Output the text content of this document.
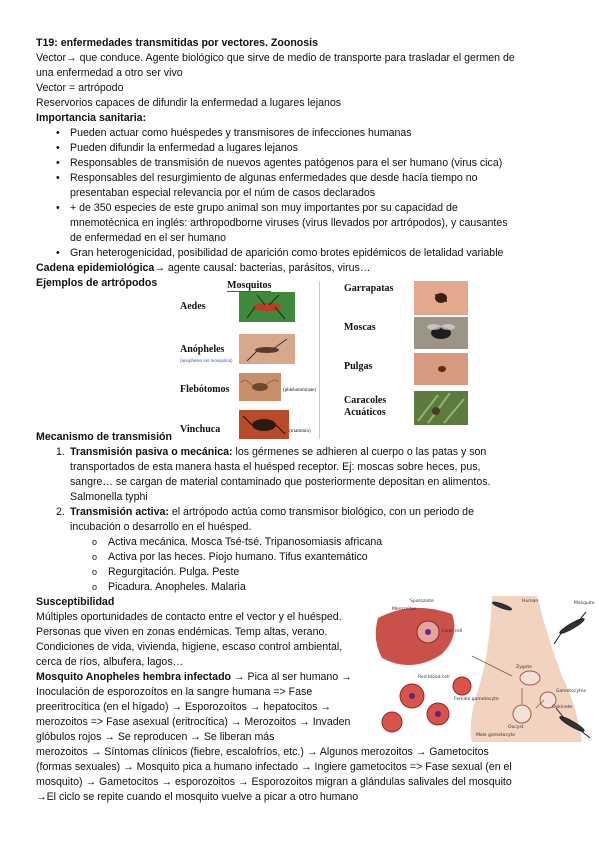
T19: enfermedades transmitidas por vectores. Zoonosis
Vector→ que conduce. Agente biológico que sirve de medio de transporte para trasladar el germen de
una enfermedad a otro ser vivo
Vector = artrópodo
Reservorios capaces de difundir la enfermedad a lugares lejanos
Importancia sanitaria:
• Pueden actuar como huéspedes y transmisores de infecciones humanas
• Pueden difundir la enfermedad a lugares lejanos
• Responsables de transmisión de nuevos agentes patógenos para el ser humano (virus cica)
• Responsables del resurgimiento de algunas enfermedades que desde hacía tiempo no
presentaban especial relevancia por el núm de casos declarados
• + de 350 especies de este grupo animal son muy importantes por su capacidad de
mnemotécnica en inglés: arthropodborne viruses (virus llevados por artrópodos), y causantes
de enfermedad en el ser humano
• Gran heterogenicidad, posibilidad de aparición como brotes epidémicos de letalidad variable
Cadena epidemiológica→ agente causal: bacterias, parásitos, virus…
Ejemplos de artrópodos
Mecanismo de transmisión
1. Transmisión pasiva o mecánica: los gérmenes se adhieren al cuerpo o las patas y son
transportados de esta manera hasta el huésped receptor. Ej: moscas sobre heces, pus,
sangre… se cargan de material contaminado que posteriormente depositan en alimentos.
Salmonella typhi
2. Transmisión activa: el artrópodo actúa como transmisor biológico, con un periodo de
incubación o desarrollo en el huésped.
o Activa mecánica. Mosca Tsé-tsé. Tripanosomiasis africana
o Activa por las heces. Piojo humano. Tifus exantemático
o Regurgitación. Pulga. Peste
o Picadura. Anopheles. Malaria
Susceptibilidad
Múltiples oportunidades de contacto entre el vector y el huésped.
Personas que viven en zonas endémicas. Temp altas, verano.
Condiciones de vida, vivienda, higiene, escaso control ambiental,
cerca de ríos, albufera, lagos…
Mosquito Anopheles hembra infectado → Pica al ser humano →
Inoculación de esporozoítos en la sangre humana => Fase
preeritrocítica (en el hígado) → Esporozoítos → hepatocitos →
merozoitos => Fase asexual (eritrocítica) → Merozoitos → Invaden
glóbulos rojos → Se reproducen → Se liberan más
merozoitos → Síntomas clínicos (fiebre, escalofríos, etc.) → Algunos merozoitos → Gametocitos
(formas sexuales) → Mosquito pica a humano infectado → Ingiere gametocitos => Fase sexual (en el
mosquito) → Gametocitos → esporozoitos → Esporozoitos migran a glándulas salivales del mosquito
→El ciclo se repite cuando el mosquito vuelve a picar a otro humano
Mosquitos
Aedes
Anópheles
(anopheles los mosquitos)
Flebótomos	(phlebotominae)
Vinchuca	(triatomin)
Garrapatas
Moscas
Pulgas
Caracoles
Acuáticos
Sporozoite
Merozoites
Liver cell
Red blood cell
Female gametocyte
Gametocytes
Zygote
Ookinete
Oocyst
Male gametocyte
Human	Mosquito
